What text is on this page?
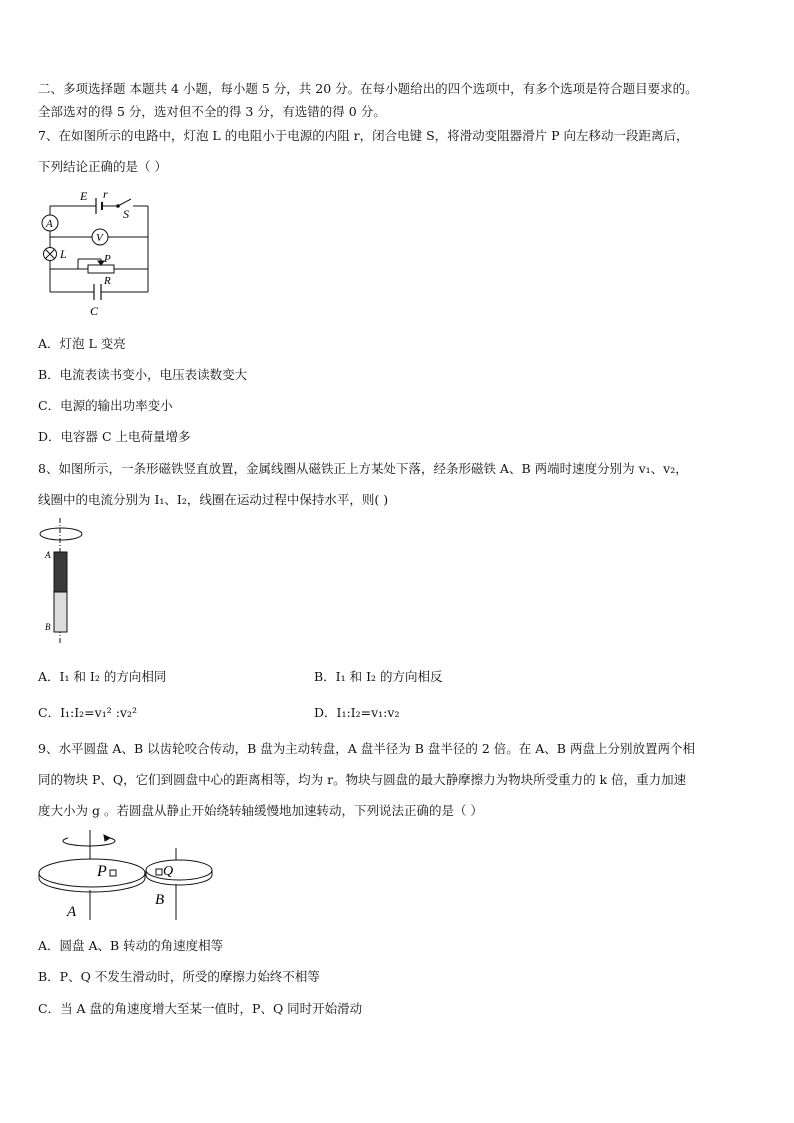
二、多项选择题 本题共 4 小题，每小题 5 分，共 20 分。在每小题给出的四个选项中，有多个选项是符合题目要求的。
全部选对的得 5 分，选对但不全的得 3 分，有选错的得 0 分。
7、在如图所示的电路中，灯泡 L 的电阻小于电源的内阻 r，闭合电键 S，将滑动变阻器滑片 P 向左移动一段距离后，
下列结论正确的是（ ）
E r
S
A
V
L	P
R
C
A．灯泡 L 变亮
B．电流表读书变小，电压表读数变大
C．电源的输出功率变小
D．电容器 C 上电荷量增多
8、如图所示，一条形磁铁竖直放置，金属线圈从磁铁正上方某处下落，经条形磁铁 A、B 两端时速度分别为 v₁、v₂，
线圈中的电流分别为 I₁、I₂，线圈在运动过程中保持水平，则( )
A
B
A．I₁ 和 I₂ 的方向相同	B．I₁ 和 I₂ 的方向相反
C．I₁:I₂=v₁² :v₂²	D．I₁:I₂=v₁:v₂
9、水平圆盘 A、B 以齿轮咬合传动，B 盘为主动转盘，A 盘半径为 B 盘半径的 2 倍。在 A、B 两盘上分别放置两个相
同的物块 P、Q，它们到圆盘中心的距离相等，均为 r。物块与圆盘的最大静摩擦力为物块所受重力的 k 倍，重力加速
度大小为 g 。若圆盘从静止开始绕转轴缓慢地加速转动，下列说法正确的是（ ）
P	Q
A
B
A．圆盘 A、B 转动的角速度相等
B．P、Q 不发生滑动时，所受的摩擦力始终不相等
C．当 A 盘的角速度增大至某一值时，P、Q 同时开始滑动
